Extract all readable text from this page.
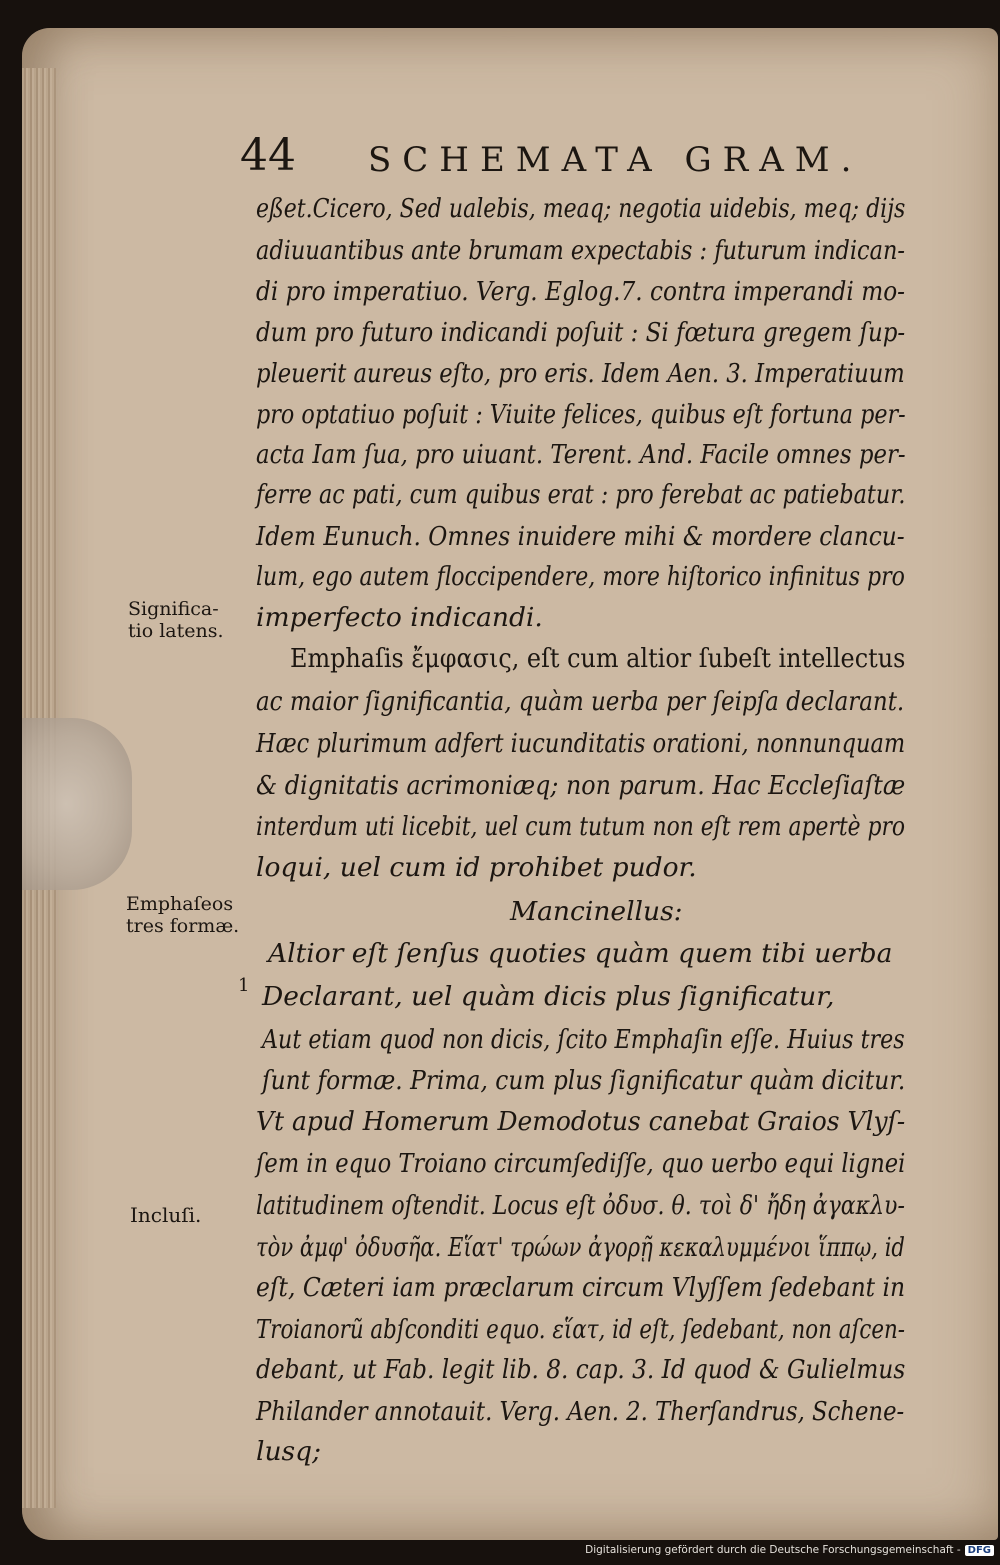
44 SCHEMATA GRAM.
eßet.Cicero, Sed ualebis, meaq; negotia uidebis, meq; dijs
adiuuantibus ante brumam expectabis : futurum indican-
di pro imperatiuo. Verg. Eglog.7. contra imperandi mo-
dum pro futuro indicandi poſuit : Si fœtura gregem ſup-
pleuerit aureus eſto, pro eris. Idem Aen. 3. Imperatiuum
pro optatiuo poſuit : Viuite felices, quibus eſt fortuna per-
acta Iam ſua, pro uiuant. Terent. And. Facile omnes per-
ferre ac pati, cum quibus erat : pro ferebat ac patiebatur.
Idem Eunuch. Omnes inuidere mihi & mordere clancu-
lum, ego autem floccipendere, more hiſtorico infinitus pro
imperfecto indicandi.
Emphaſis ἔμφασις, eſt cum altior ſubeſt intellectus
ac maior ſignificantia, quàm uerba per ſeipſa declarant.
Hæc plurimum adfert iucunditatis orationi, nonnunquam
& dignitatis acrimoniæq; non parum. Hac Eccleſiaſtæ
interdum uti licebit, uel cum tutum non eſt rem apertè pro
loqui, uel cum id prohibet pudor.
Mancinellus:
Altior eſt ſenſus quoties quàm quem tibi uerba
Declarant, uel quàm dicis plus ſignificatur,
Aut etiam quod non dicis, ſcito Emphaſin eſſe. Huius tres
ſunt formæ. Prima, cum plus ſignificatur quàm dicitur.
Vt apud Homerum Demodotus canebat Graios Vlyſ-
ſem in equo Troiano circumſediſſe, quo uerbo equi lignei
latitudinem oſtendit. Locus eſt ὀδυσ. θ. τοὶ δ' ἤδη ἀγακλυ-
τὸν ἀμφ' ὀδυσῆα. Εἵατ' τρώων ἀγορῇ κεκαλυμμένοι ἵππῳ, id
eſt, Cæteri iam præclarum circum Vlyſſem ſedebant in
Troianorũ abſconditi equo. εἵατ, id eſt, ſedebant, non aſcen-
debant, ut Fab. legit lib. 8. cap. 3. Id quod & Gulielmus
Philander annotauit. Verg. Aen. 2. Therſandrus, Schene-
lusq;
Significa-
tio latens.
Emphaſeos
tres formæ.
1
Incluſi.
Digitalisierung gefördert durch die Deutsche Forschungsgemeinschaft - DFG
